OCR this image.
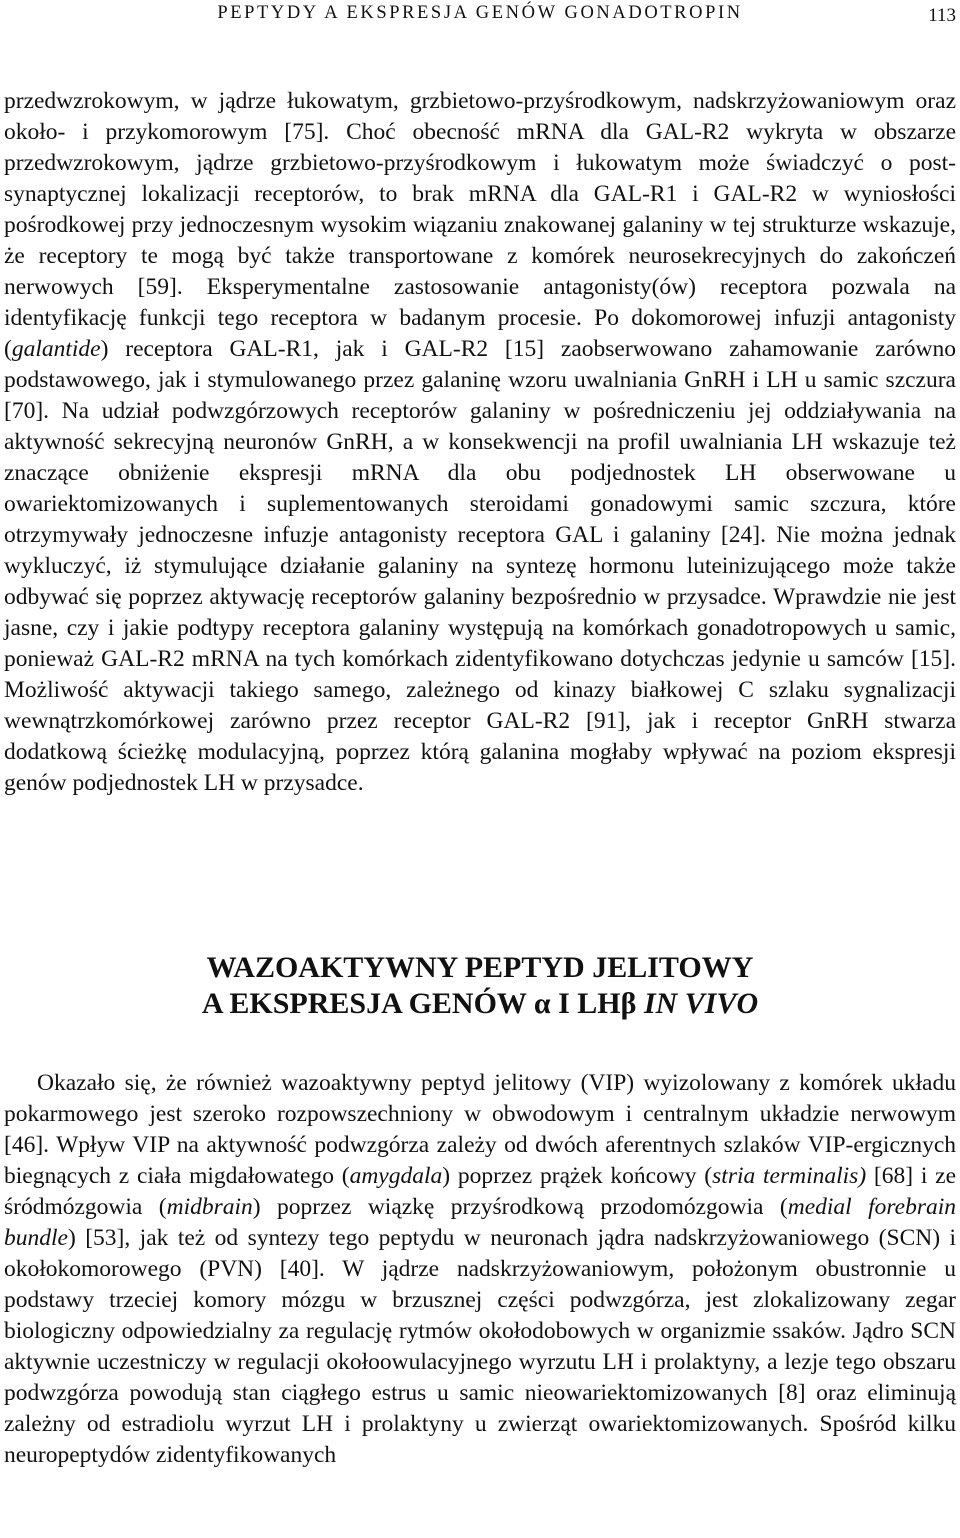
PEPTYDY A EKSPRESJA GENÓW GONADOTROPIN	113

przedwzrokowym, w jądrze łukowatym, grzbietowo-przyśrodkowym, nadskrzyżowaniowym oraz około- i przykomorowym [75]. Choć obecność mRNA dla GAL-R2 wykryta w obszarze przedwzrokowym, jądrze grzbietowo-przyśrodkowym i łukowatym może świadczyć o post-synaptycznej lokalizacji receptorów, to brak mRNA dla GAL-R1 i GAL-R2 w wyniosłości pośrodkowej przy jednoczesnym wysokim wiązaniu znakowanej galaniny w tej strukturze wskazuje, że receptory te mogą być także transportowane z komórek neurosekrecyjnych do zakończeń nerwowych [59]. Eksperymentalne zastosowanie antagonisty(ów) receptora pozwala na identyfikację funkcji tego receptora w badanym procesie. Po dokomorowej infuzji antagonisty (galantide) receptora GAL-R1, jak i GAL-R2 [15] zaobserwowano zahamowanie zarówno podstawowego, jak i stymulowanego przez galaninę wzoru uwalniania GnRH i LH u samic szczura [70]. Na udział podwzgórzowych receptorów galaniny w pośredniczeniu jej oddziaływania na aktywność sekrecyjną neuronów GnRH, a w konsekwencji na profil uwalniania LH wskazuje też znaczące obniżenie ekspresji mRNA dla obu podjednostek LH obserwowane u owariektomizowanych i suplementowanych steroidami gonadowymi samic szczura, które otrzymywały jednoczesne infuzje antagonisty receptora GAL i galaniny [24]. Nie można jednak wykluczyć, iż stymulujące działanie galaniny na syntezę hormonu luteinizującego może także odbywać się poprzez aktywację receptorów galaniny bezpośrednio w przysadce. Wprawdzie nie jest jasne, czy i jakie podtypy receptora galaniny występują na komórkach gonadotropowych u samic, ponieważ GAL-R2 mRNA na tych komórkach zidentyfikowano dotychczas jedynie u samców [15]. Możliwość aktywacji takiego samego, zależnego od kinazy białkowej C szlaku sygnalizacji wewnątrzkomórkowej zarówno przez receptor GAL-R2 [91], jak i receptor GnRH stwarza dodatkową ścieżkę modulacyjną, poprzez którą galanina mogłaby wpływać na poziom ekspresji genów podjednostek LH w przysadce.

WAZOAKTYWNY PEPTYD JELITOWY
A EKSPRESJA GENÓW α I LHβ IN VIVO

Okazało się, że również wazoaktywny peptyd jelitowy (VIP) wyizolowany z komórek układu pokarmowego jest szeroko rozpowszechniony w obwodowym i centralnym układzie nerwowym [46]. Wpływ VIP na aktywność podwzgórza zależy od dwóch aferentnych szlaków VIP-ergicznych biegnących z ciała migdałowatego (amygdala) poprzez prążek końcowy (stria terminalis) [68] i ze śródmózgowia (midbrain) poprzez wiązkę przyśrodkową przodomózgowia (medial forebrain bundle) [53], jak też od syntezy tego peptydu w neuronach jądra nadskrzyżowaniowego (SCN) i okołokomorowego (PVN) [40]. W jądrze nadskrzyżowaniowym, położonym obustronnie u podstawy trzeciej komory mózgu w brzusznej części podwzgórza, jest zlokalizowany zegar biologiczny odpowiedzialny za regulację rytmów okołodobowych w organizmie ssaków. Jądro SCN aktywnie uczestniczy w regulacji okołoowulacyjnego wyrzutu LH i prolaktyny, a lezje tego obszaru podwzgórza powodują stan ciągłego estrus u samic nieowariektomizowanych [8] oraz eliminują zależny od estradiolu wyrzut LH i prolaktyny u zwierząt owariektomizowanych. Spośród kilku neuropeptydów zidentyfikowanych
